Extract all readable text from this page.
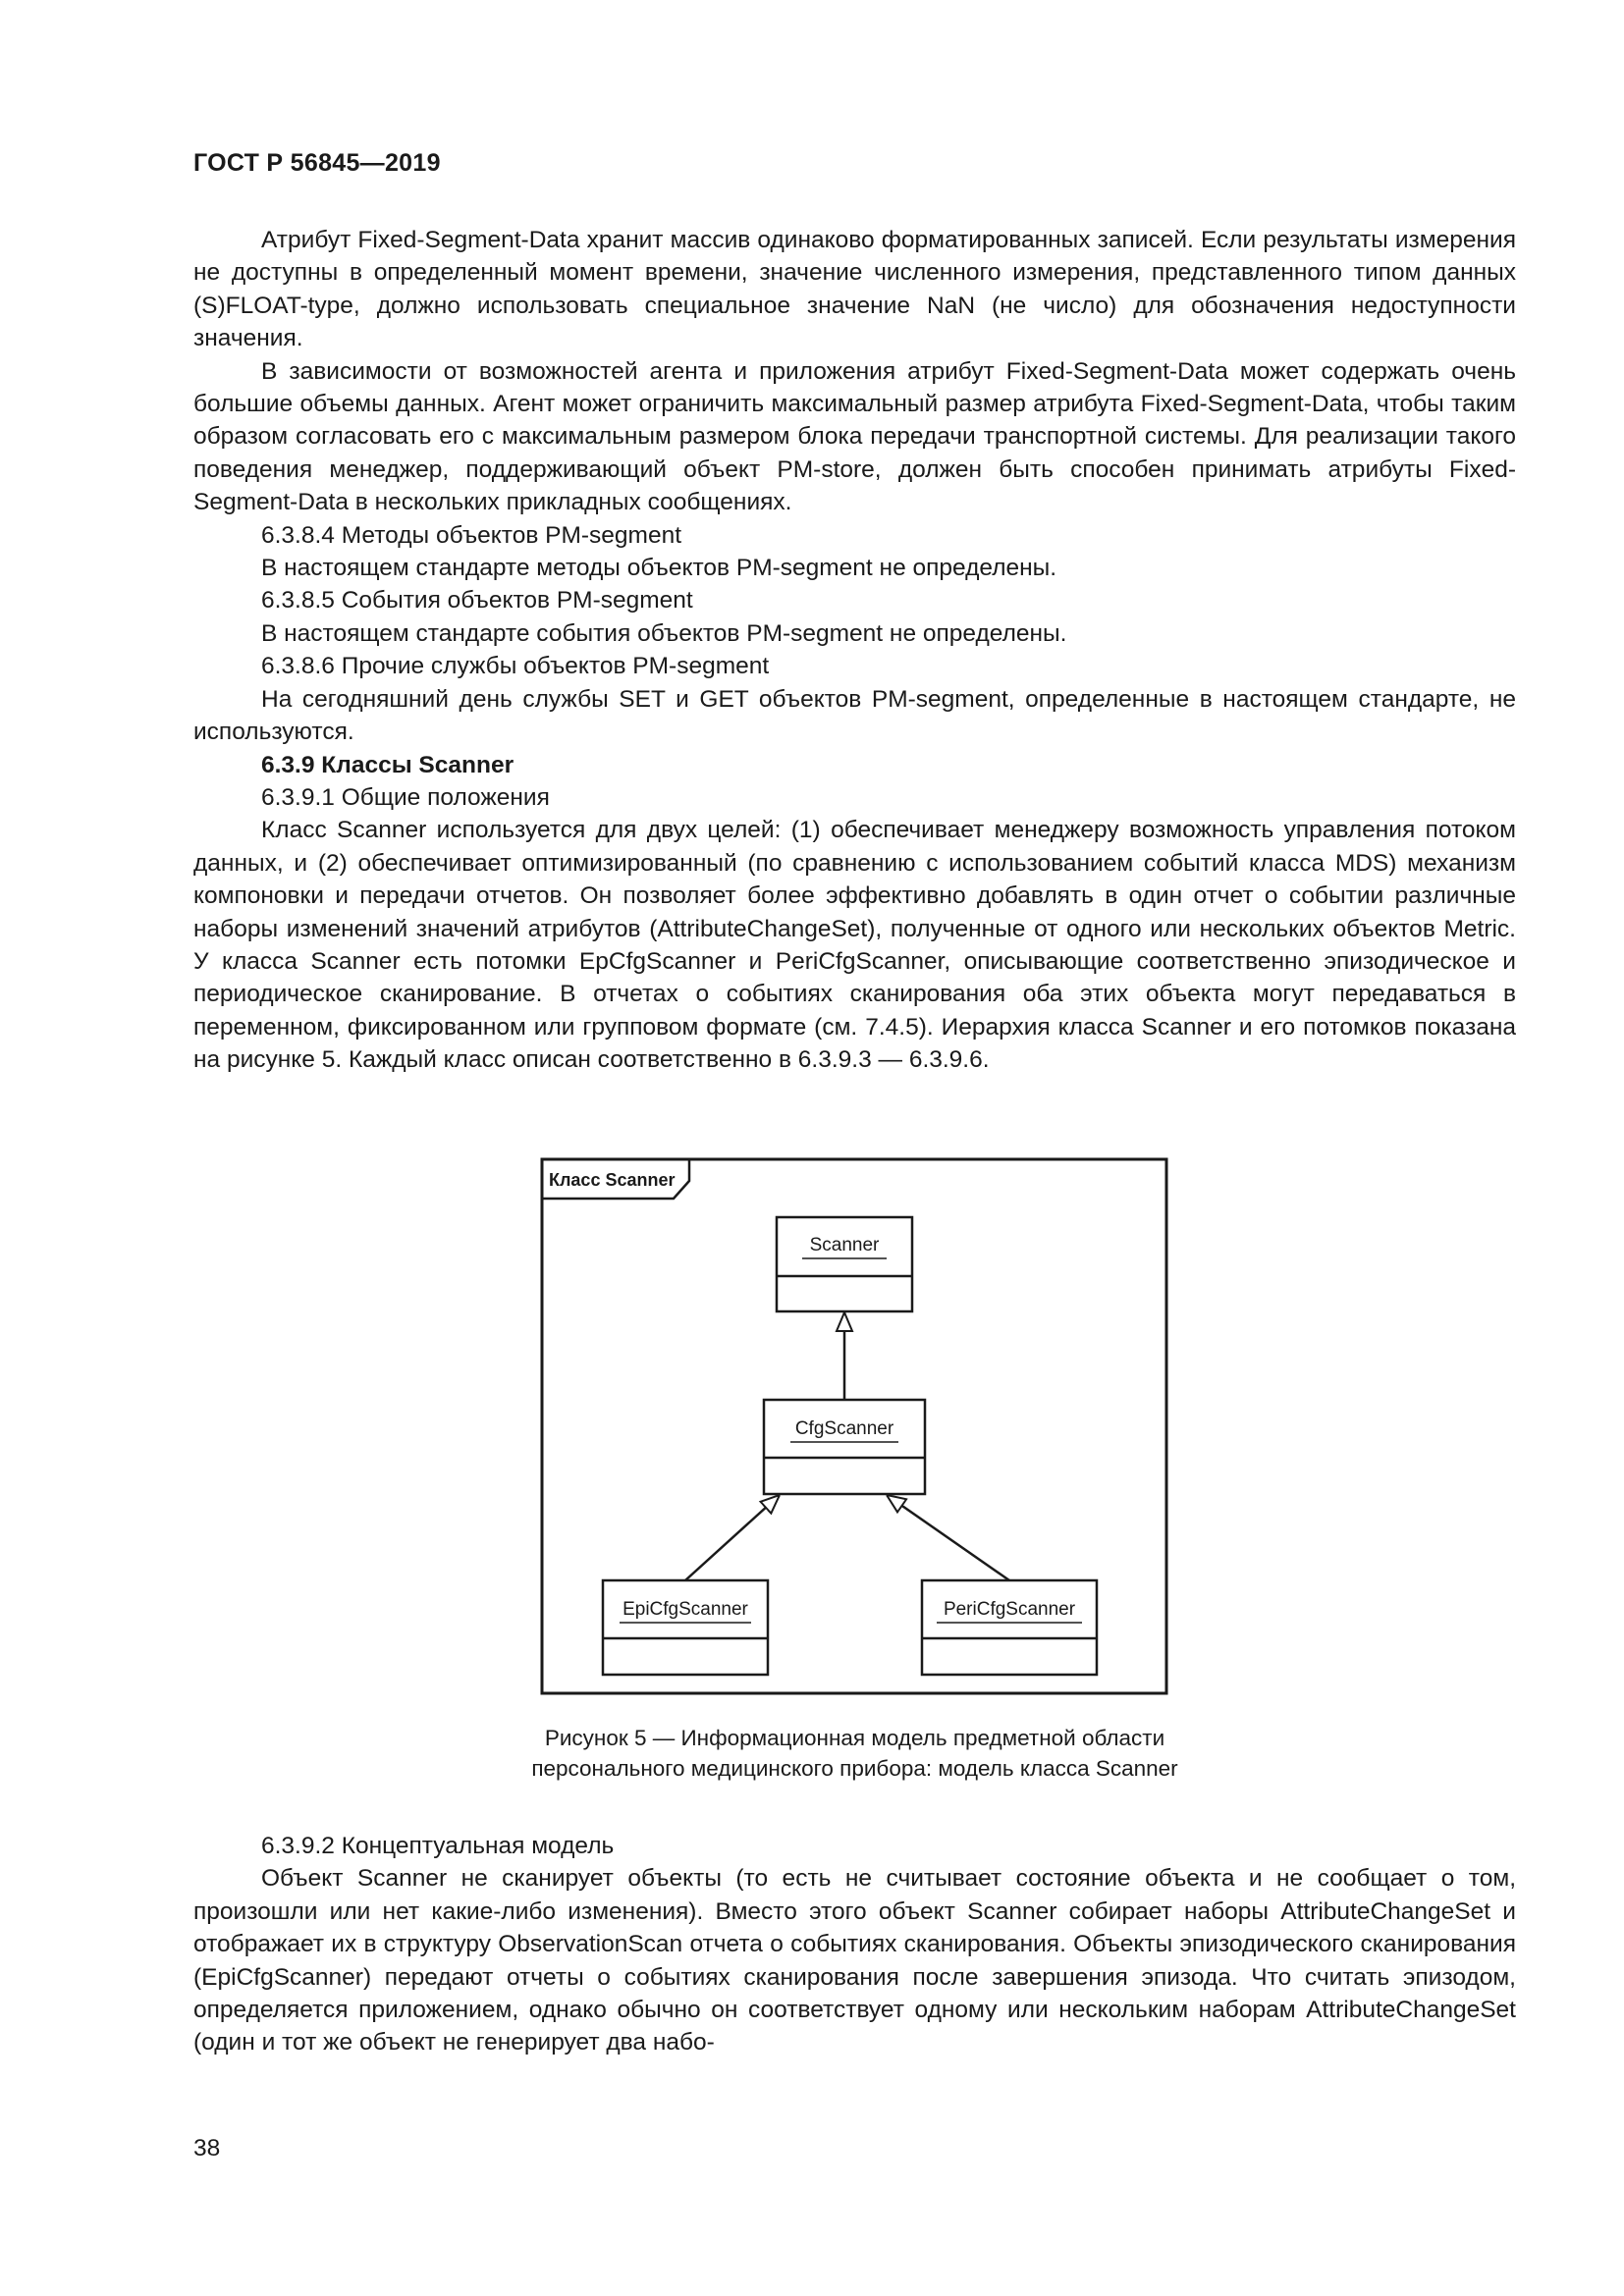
ГОСТ Р 56845—2019

Атрибут Fixed-Segment-Data хранит массив одинаково форматированных записей. Если результаты измерения не доступны в определенный момент времени, значение численного измерения, представленного типом данных (S)FLOAT-type, должно использовать специальное значение NaN (не число) для обозначения недоступности значения.

В зависимости от возможностей агента и приложения атрибут Fixed-Segment-Data может содержать очень большие объемы данных. Агент может ограничить максимальный размер атрибута Fixed-Segment-Data, чтобы таким образом согласовать его с максимальным размером блока передачи транспортной системы. Для реализации такого поведения менеджер, поддерживающий объект PM-store, должен быть способен принимать атрибуты Fixed-Segment-Data в нескольких прикладных сообщениях.

6.3.8.4 Методы объектов PM-segment

В настоящем стандарте методы объектов PM-segment не определены.

6.3.8.5 События объектов PM-segment

В настоящем стандарте события объектов PM-segment не определены.

6.3.8.6 Прочие службы объектов PM-segment

На сегодняшний день службы SET и GET объектов PM-segment, определенные в настоящем стандарте, не используются.

6.3.9 Классы Scanner

6.3.9.1 Общие положения

Класс Scanner используется для двух целей: (1) обеспечивает менеджеру возможность управления потоком данных, и (2) обеспечивает оптимизированный (по сравнению с использованием событий класса MDS) механизм компоновки и передачи отчетов. Он позволяет более эффективно добавлять в один отчет о событии различные наборы изменений значений атрибутов (AttributeChangeSet), полученные от одного или нескольких объектов Metric. У класса Scanner есть потомки EpCfgScanner и PeriCfgScanner, описывающие соответственно эпизодическое и периодическое сканирование. В отчетах о событиях сканирования оба этих объекта могут передаваться в переменном, фиксированном или групповом формате (см. 7.4.5). Иерархия класса Scanner и его потомков показана на рисунке 5. Каждый класс описан соответственно в 6.3.9.3 — 6.3.9.6.

Класс Scanner
Scanner
CfgScanner
EpiCfgScanner	PeriCfgScanner
Рисунок 5 — Информационная модель предметной области
персонального медицинского прибора: модель класса Scanner

6.3.9.2 Концептуальная модель

Объект Scanner не сканирует объекты (то есть не считывает состояние объекта и не сообщает о том, произошли или нет какие-либо изменения). Вместо этого объект Scanner собирает наборы AttributeChangeSet и отображает их в структуру ObservationScan отчета о событиях сканирования. Объекты эпизодического сканирования (EpiCfgScanner) передают отчеты о событиях сканирования после завершения эпизода. Что считать эпизодом, определяется приложением, однако обычно он соответствует одному или нескольким наборам AttributeChangeSet (один и тот же объект не генерирует два набо-

38
